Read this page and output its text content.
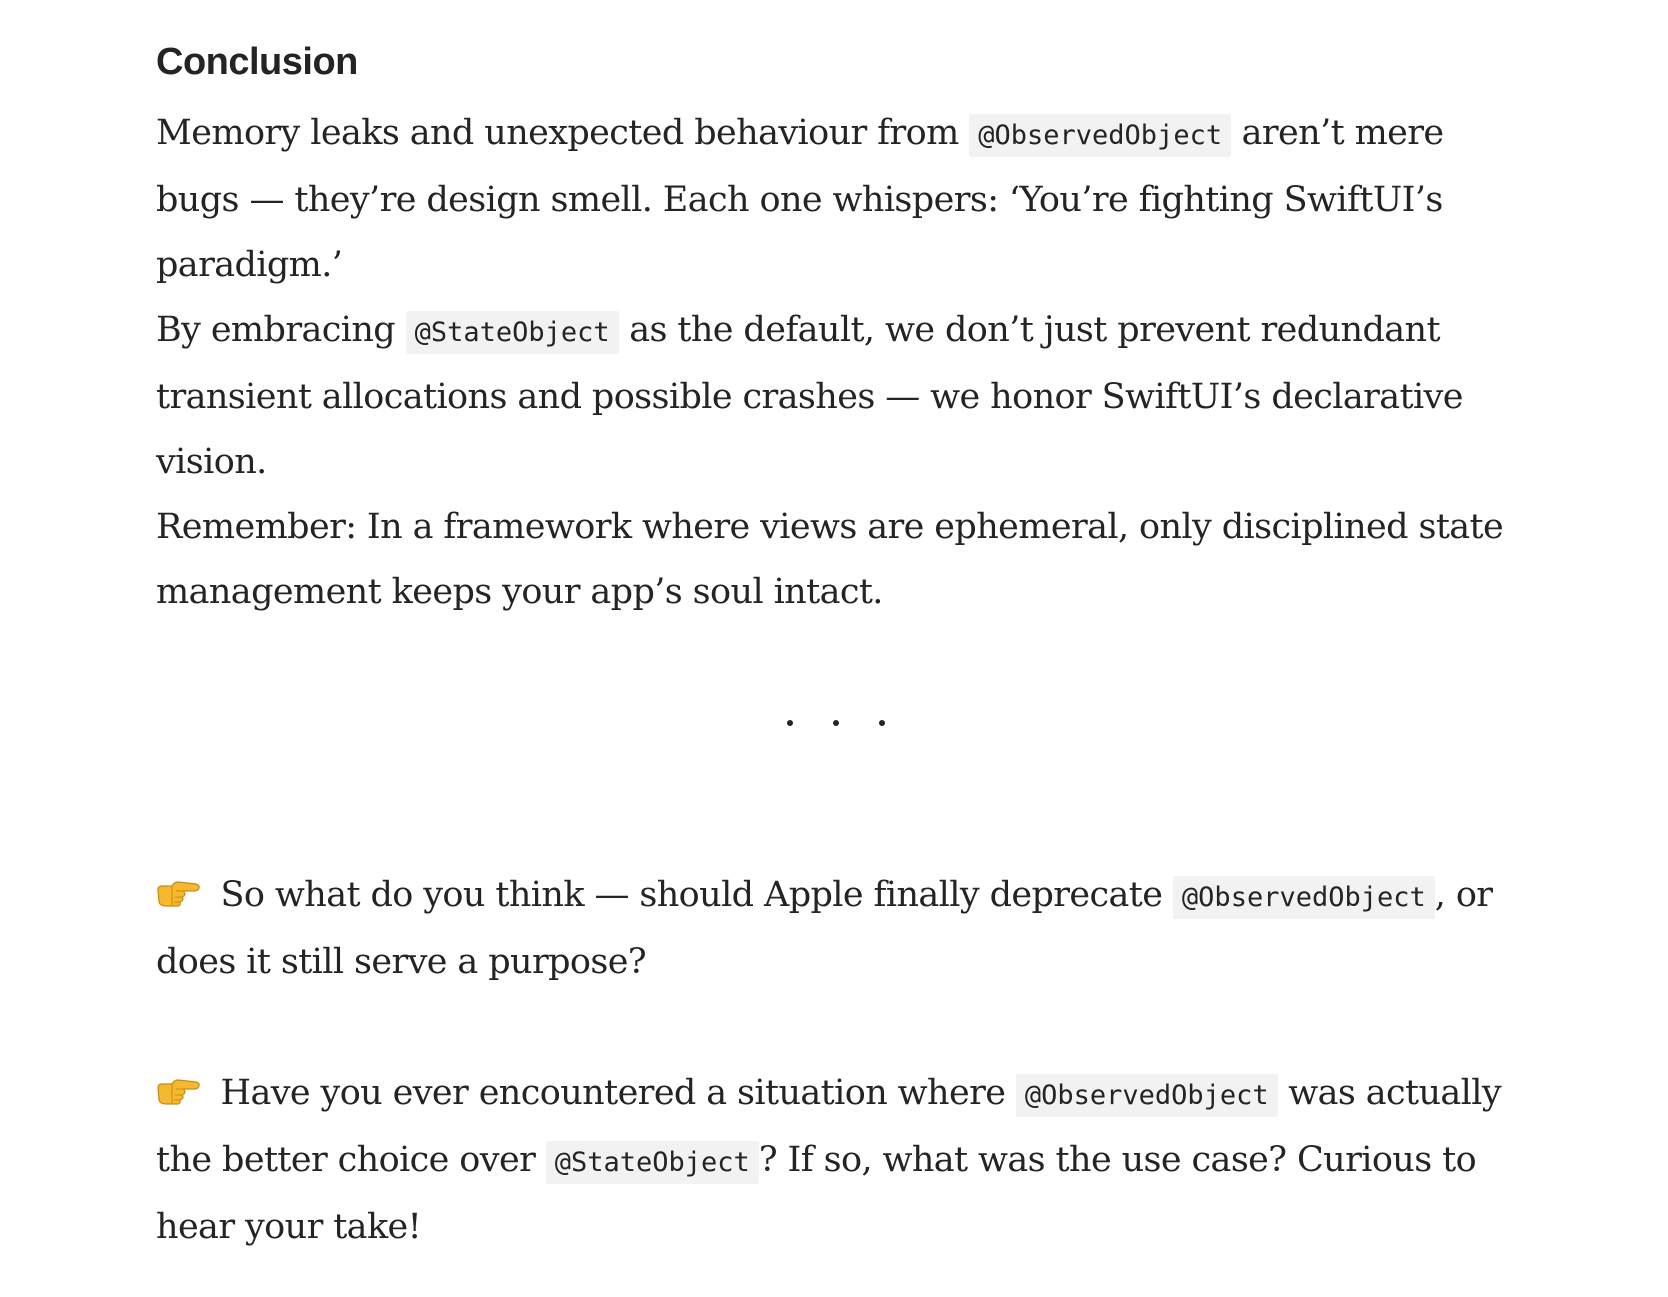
Conclusion

Memory leaks and unexpected behaviour from @ObservedObject aren’t mere bugs — they’re design smell. Each one whispers: ‘You’re fighting SwiftUI’s paradigm.’

By embracing @StateObject as the default, we don’t just prevent redundant transient allocations and possible crashes — we honor SwiftUI’s declarative vision.

Remember: In a framework where views are ephemeral, only disciplined state management keeps your app’s soul intact.

So what do you think — should Apple finally deprecate @ObservedObject , or does it still serve a purpose?

Have you ever encountered a situation where @ObservedObject was actually the better choice over @StateObject ? If so, what was the use case? Curious to hear your take!
